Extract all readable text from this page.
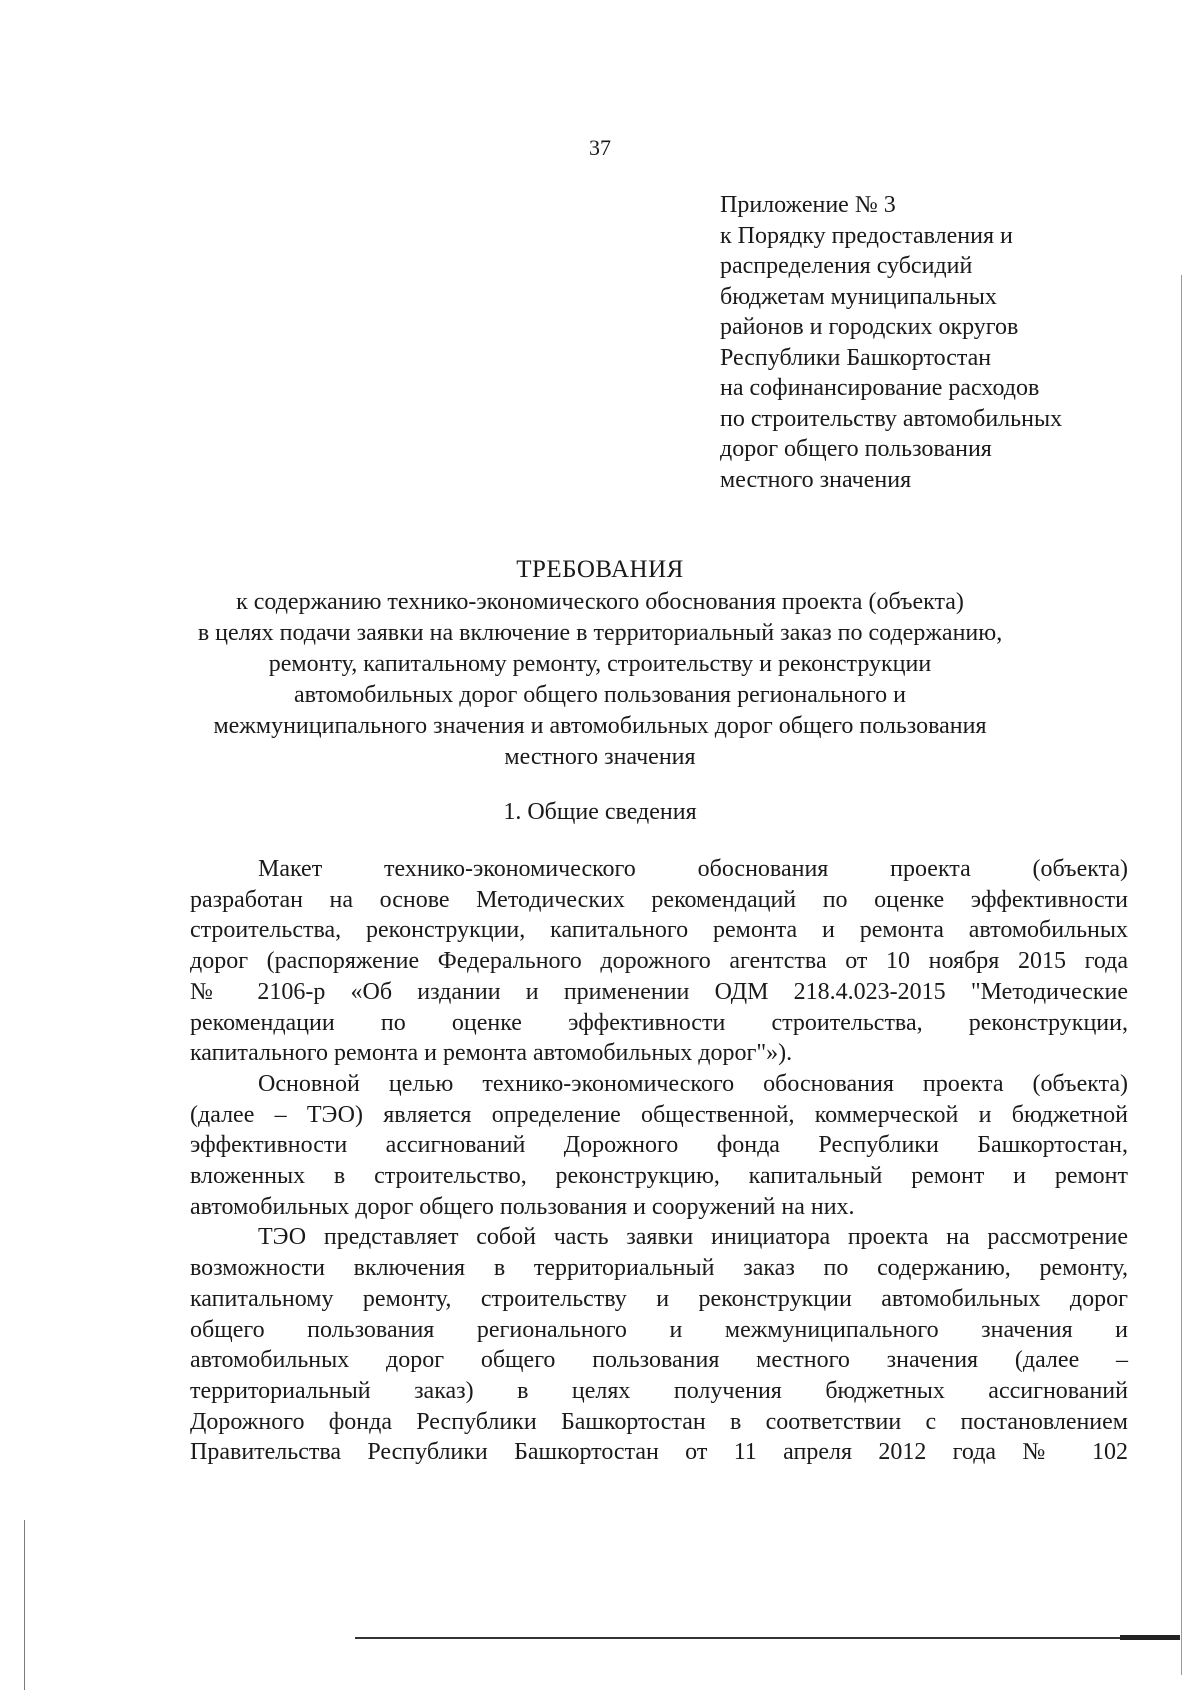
37
Приложение № 3
к Порядку предоставления и
распределения субсидий
бюджетам муниципальных
районов и городских округов
Республики Башкортостан
на софинансирование расходов
по строительству автомобильных
дорог общего пользования
местного значения
ТРЕБОВАНИЯ
к содержанию технико-экономического обоснования проекта (объекта)
в целях подачи заявки на включение в территориальный заказ по содержанию,
ремонту, капитальному ремонту, строительству и реконструкции
автомобильных дорог общего пользования регионального и
межмуниципального значения и автомобильных дорог общего пользования
местного значения
1. Общие сведения
Макет технико-экономического обоснования проекта (объекта)
разработан на основе Методических рекомендаций по оценке эффективности
строительства, реконструкции, капитального ремонта и ремонта автомобильных
дорог (распоряжение Федерального дорожного агентства от 10 ноября 2015 года
№ 2106-р «Об издании и применении ОДМ 218.4.023-2015 "Методические
рекомендации по оценке эффективности строительства, реконструкции,
капитального ремонта и ремонта автомобильных дорог"»).
Основной целью технико-экономического обоснования проекта (объекта)
(далее – ТЭО) является определение общественной, коммерческой и бюджетной
эффективности ассигнований Дорожного фонда Республики Башкортостан,
вложенных в строительство, реконструкцию, капитальный ремонт и ремонт
автомобильных дорог общего пользования и сооружений на них.
ТЭО представляет собой часть заявки инициатора проекта на рассмотрение
возможности включения в территориальный заказ по содержанию, ремонту,
капитальному ремонту, строительству и реконструкции автомобильных дорог
общего пользования регионального и межмуниципального значения и
автомобильных дорог общего пользования местного значения (далее –
территориальный заказ) в целях получения бюджетных ассигнований
Дорожного фонда Республики Башкортостан в соответствии с постановлением
Правительства Республики Башкортостан от 11 апреля 2012 года № 102
